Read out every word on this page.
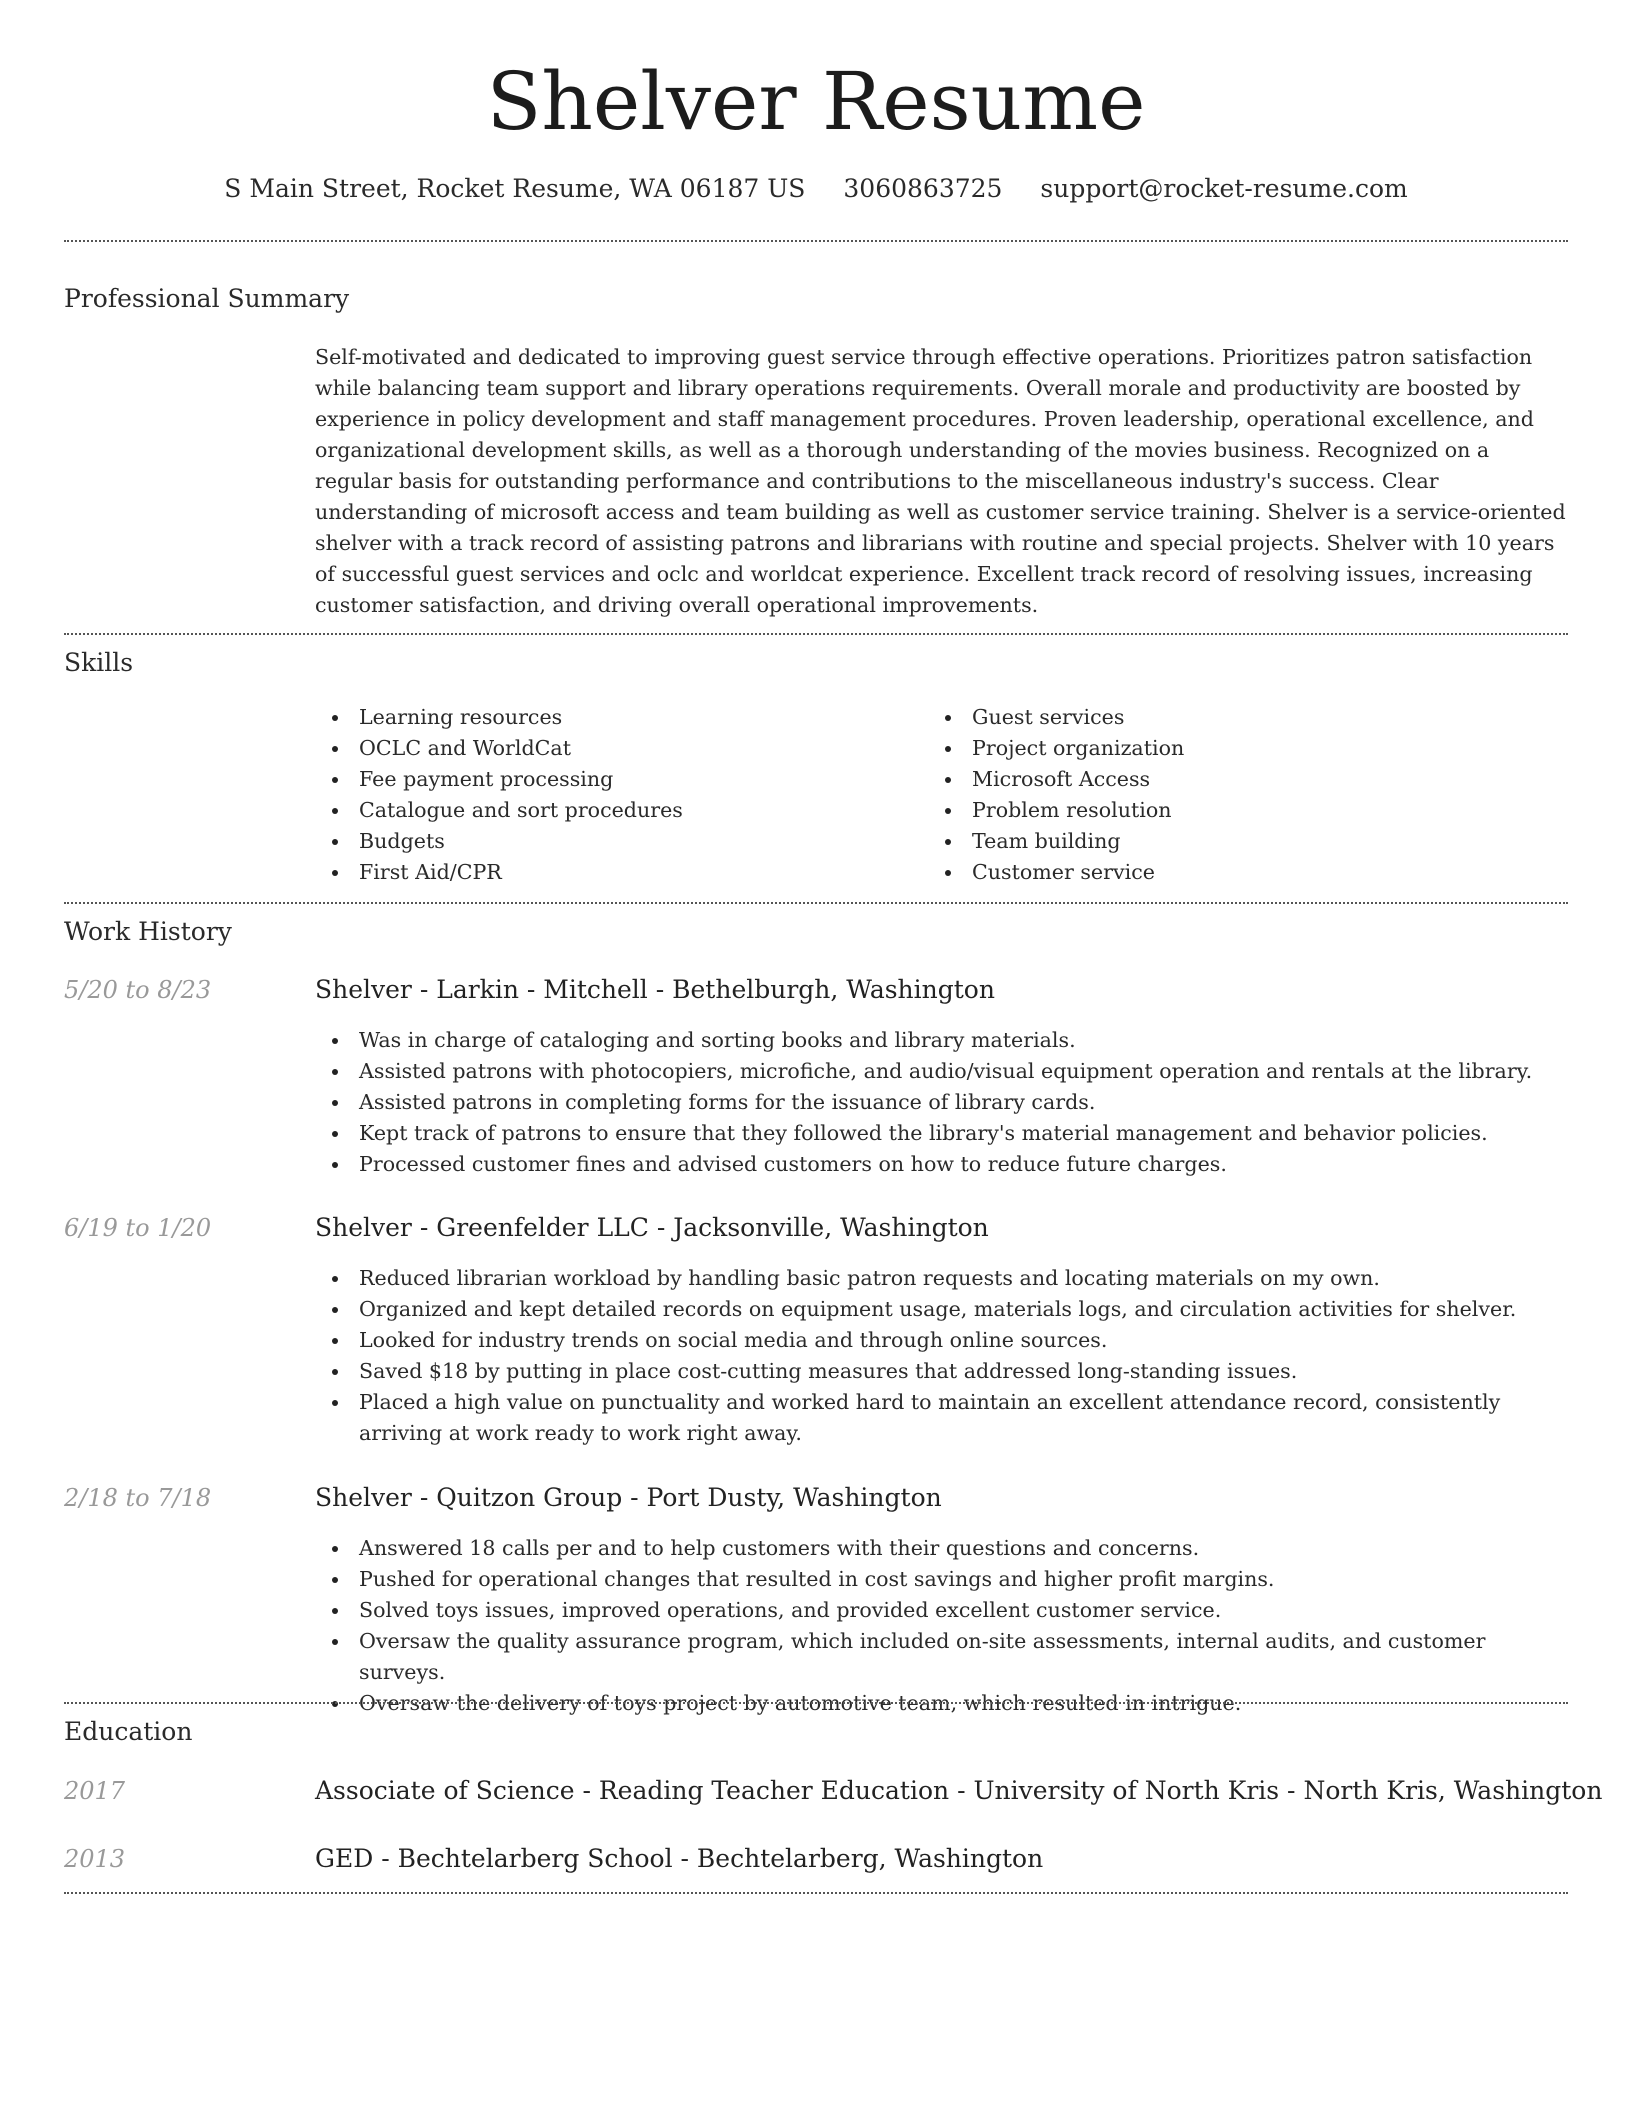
Shelver Resume
S Main Street, Rocket Resume, WA 06187 US 3060863725 support@rocket-resume.com
Professional Summary

Self-motivated and dedicated to improving guest service through effective operations. Prioritizes patron satisfaction while balancing team support and library operations requirements. Overall morale and productivity are boosted by experience in policy development and staff management procedures. Proven leadership, operational excellence, and organizational development skills, as well as a thorough understanding of the movies business. Recognized on a regular basis for outstanding performance and contributions to the miscellaneous industry's success. Clear understanding of microsoft access and team building as well as customer service training. Shelver is a service-oriented shelver with a track record of assisting patrons and librarians with routine and special projects. Shelver with 10 years of successful guest services and oclc and worldcat experience. Excellent track record of resolving issues, increasing customer satisfaction, and driving overall operational improvements.

Skills
Learning resources
OCLC and WorldCat
Fee payment processing
Catalogue and sort procedures
Budgets
First Aid/CPR
Guest services
Project organization
Microsoft Access
Problem resolution
Team building
Customer service
Work History
5/20 to 8/23	Shelver - Larkin - Mitchell - Bethelburgh, Washington
Was in charge of cataloging and sorting books and library materials.
Assisted patrons with photocopiers, microfiche, and audio/visual equipment operation and rentals at the library.
Assisted patrons in completing forms for the issuance of library cards.
Kept track of patrons to ensure that they followed the library's material management and behavior policies.
Processed customer fines and advised customers on how to reduce future charges.
6/19 to 1/20	Shelver - Greenfelder LLC - Jacksonville, Washington
Reduced librarian workload by handling basic patron requests and locating materials on my own.
Organized and kept detailed records on equipment usage, materials logs, and circulation activities for shelver.
Looked for industry trends on social media and through online sources.
Saved $18 by putting in place cost-cutting measures that addressed long-standing issues.
Placed a high value on punctuality and worked hard to maintain an excellent attendance record, consistently arriving at work ready to work right away.
2/18 to 7/18	Shelver - Quitzon Group - Port Dusty, Washington
Answered 18 calls per and to help customers with their questions and concerns.
Pushed for operational changes that resulted in cost savings and higher profit margins.
Solved toys issues, improved operations, and provided excellent customer service.
Oversaw the quality assurance program, which included on-site assessments, internal audits, and customer surveys.
Oversaw the delivery of toys project by automotive team, which resulted in intrigue.
Education
2017	Associate of Science - Reading Teacher Education - University of North Kris - North Kris, Washington
2013	GED - Bechtelarberg School - Bechtelarberg, Washington
